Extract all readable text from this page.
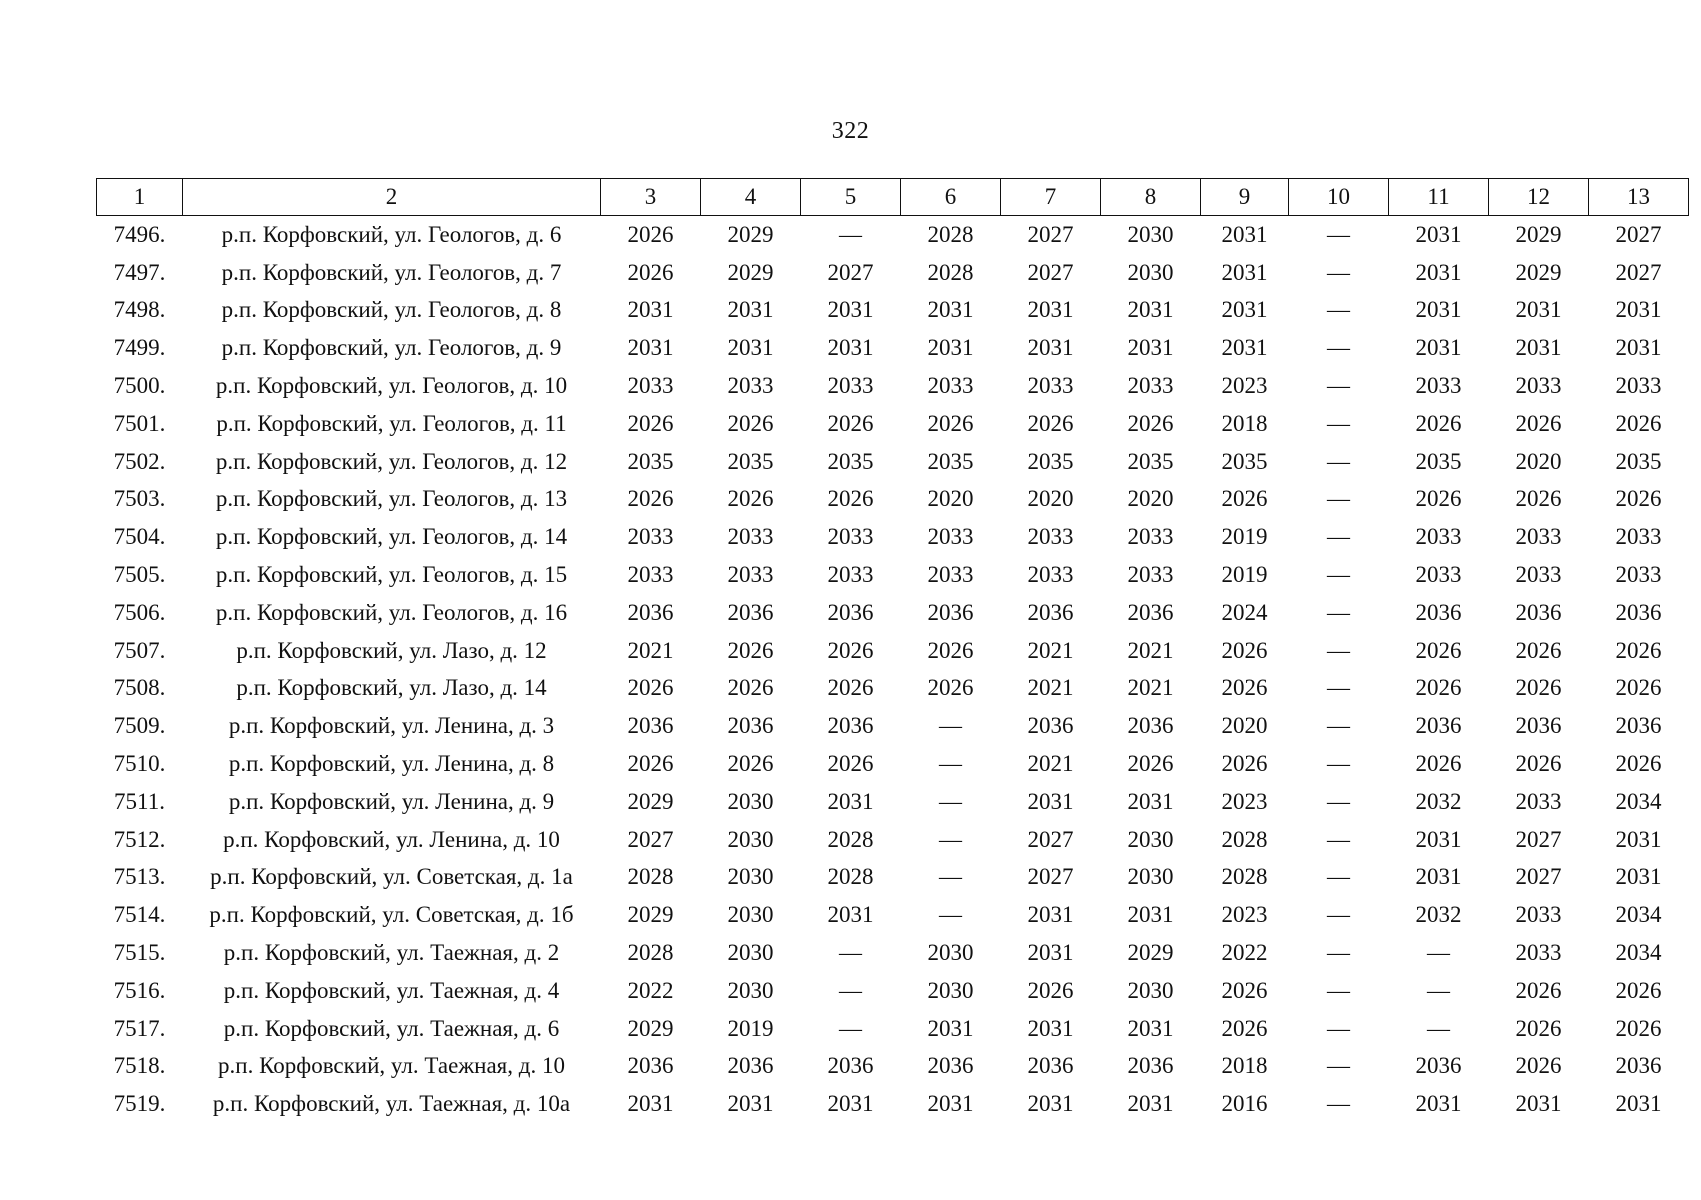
322
1	2	3	4	5	6	7	8	9	10	11	12	13
7496.	р.п. Корфовский, ул. Геологов, д. 6	2026	2029	—	2028	2027	2030	2031	—	2031	2029	2027
7497.	р.п. Корфовский, ул. Геологов, д. 7	2026	2029	2027	2028	2027	2030	2031	—	2031	2029	2027
7498.	р.п. Корфовский, ул. Геологов, д. 8	2031	2031	2031	2031	2031	2031	2031	—	2031	2031	2031
7499.	р.п. Корфовский, ул. Геологов, д. 9	2031	2031	2031	2031	2031	2031	2031	—	2031	2031	2031
7500.	р.п. Корфовский, ул. Геологов, д. 10	2033	2033	2033	2033	2033	2033	2023	—	2033	2033	2033
7501.	р.п. Корфовский, ул. Геологов, д. 11	2026	2026	2026	2026	2026	2026	2018	—	2026	2026	2026
7502.	р.п. Корфовский, ул. Геологов, д. 12	2035	2035	2035	2035	2035	2035	2035	—	2035	2020	2035
7503.	р.п. Корфовский, ул. Геологов, д. 13	2026	2026	2026	2020	2020	2020	2026	—	2026	2026	2026
7504.	р.п. Корфовский, ул. Геологов, д. 14	2033	2033	2033	2033	2033	2033	2019	—	2033	2033	2033
7505.	р.п. Корфовский, ул. Геологов, д. 15	2033	2033	2033	2033	2033	2033	2019	—	2033	2033	2033
7506.	р.п. Корфовский, ул. Геологов, д. 16	2036	2036	2036	2036	2036	2036	2024	—	2036	2036	2036
7507.	р.п. Корфовский, ул. Лазо, д. 12	2021	2026	2026	2026	2021	2021	2026	—	2026	2026	2026
7508.	р.п. Корфовский, ул. Лазо, д. 14	2026	2026	2026	2026	2021	2021	2026	—	2026	2026	2026
7509.	р.п. Корфовский, ул. Ленина, д. 3	2036	2036	2036	—	2036	2036	2020	—	2036	2036	2036
7510.	р.п. Корфовский, ул. Ленина, д. 8	2026	2026	2026	—	2021	2026	2026	—	2026	2026	2026
7511.	р.п. Корфовский, ул. Ленина, д. 9	2029	2030	2031	—	2031	2031	2023	—	2032	2033	2034
7512.	р.п. Корфовский, ул. Ленина, д. 10	2027	2030	2028	—	2027	2030	2028	—	2031	2027	2031
7513.	р.п. Корфовский, ул. Советская, д. 1а	2028	2030	2028	—	2027	2030	2028	—	2031	2027	2031
7514.	р.п. Корфовский, ул. Советская, д. 1б	2029	2030	2031	—	2031	2031	2023	—	2032	2033	2034
7515.	р.п. Корфовский, ул. Таежная, д. 2	2028	2030	—	2030	2031	2029	2022	—	—	2033	2034
7516.	р.п. Корфовский, ул. Таежная, д. 4	2022	2030	—	2030	2026	2030	2026	—	—	2026	2026
7517.	р.п. Корфовский, ул. Таежная, д. 6	2029	2019	—	2031	2031	2031	2026	—	—	2026	2026
7518.	р.п. Корфовский, ул. Таежная, д. 10	2036	2036	2036	2036	2036	2036	2018	—	2036	2026	2036
7519.	р.п. Корфовский, ул. Таежная, д. 10а	2031	2031	2031	2031	2031	2031	2016	—	2031	2031	2031
